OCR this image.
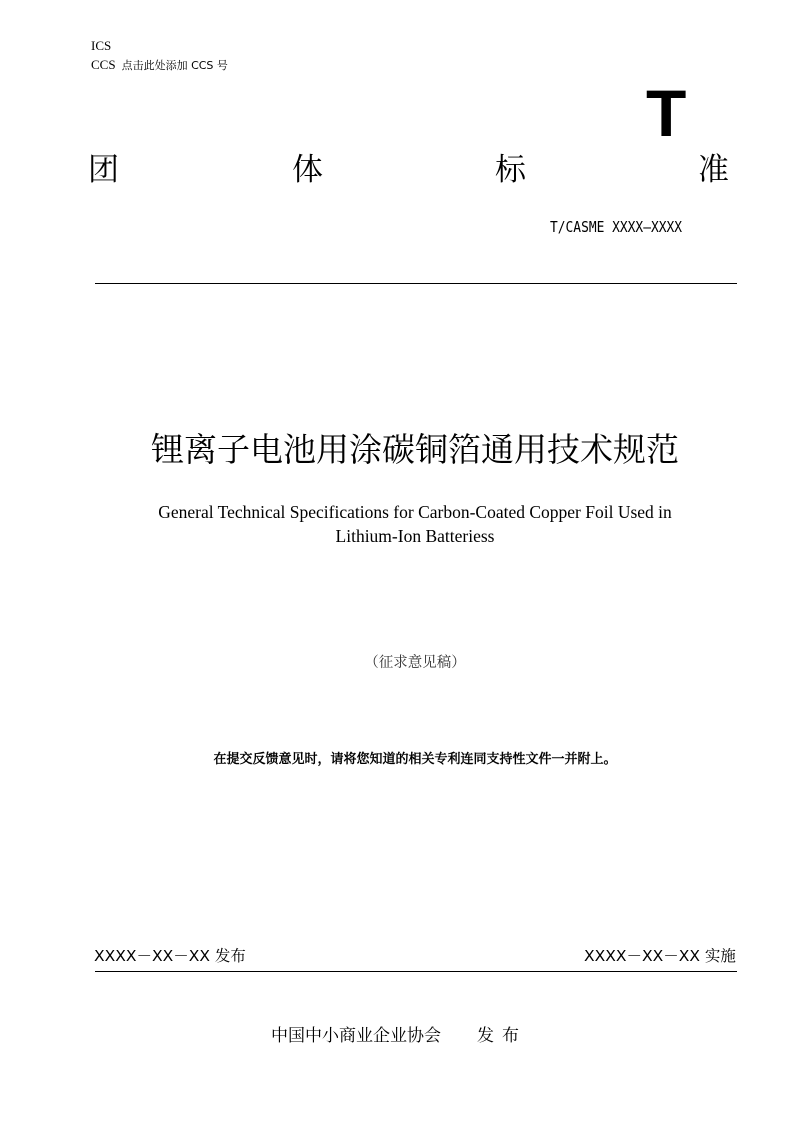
ICS
CCS 点击此处添加 CCS 号
T
团	体	标	准
T/CASME XXXX—XXXX
锂离子电池用涂碳铜箔通用技术规范
General Technical Specifications for Carbon-Coated Copper Foil Used in
Lithium-Ion Batteriess
（征求意见稿）
在提交反馈意见时，请将您知道的相关专利连同支持性文件一并附上。
XXXX－XX－XX 发布	XXXX－XX－XX 实施
中国中小商业企业协会 发布
